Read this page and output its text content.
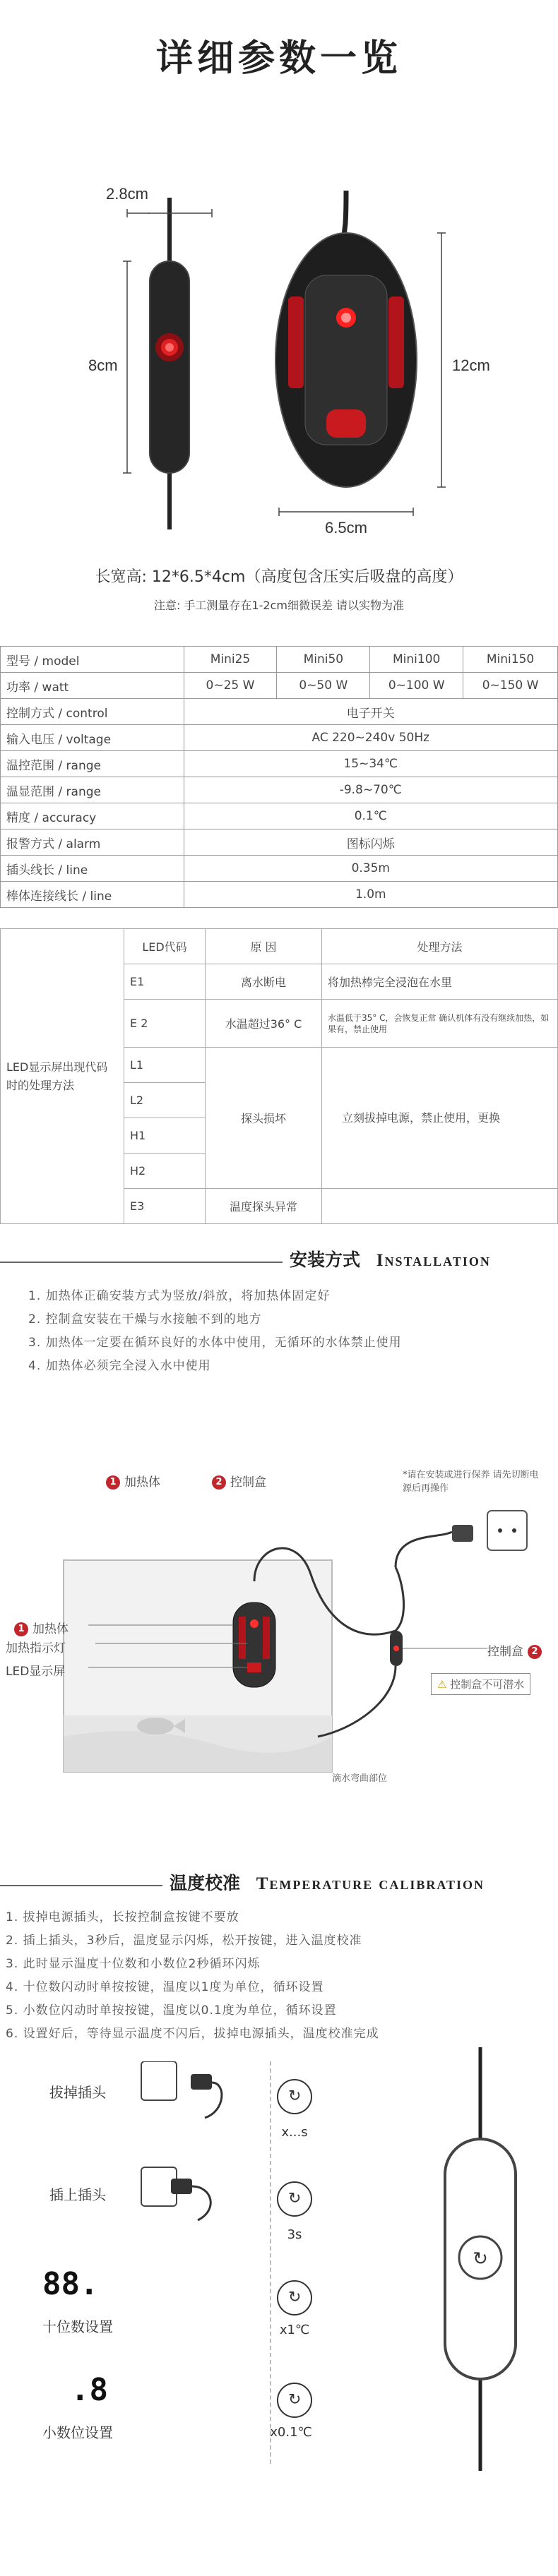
详细参数一览
2.8cm
8cm	12cm
6.5cm
长宽高: 12*6.5*4cm（高度包含压实后吸盘的高度）
注意: 手工测量存在1-2cm细微误差 请以实物为准
型号 / model	Mini25	Mini50	Mini100	Mini150
功率 / watt	0~25 W	0~50 W	0~100 W	0~150 W
控制方式 / control	电子开关			
输入电压 / voltage	AC 220~240v 50Hz			
温控范围 / range	15~34℃			
温显范围 / range	-9.8~70℃			
精度 / accuracy	0.1℃			
报警方式 / alarm	图标闪烁			
插头线长 / line	0.35m			
棒体连接线长 / line	1.0m			
LED显示屏出现代码时的处理方法	LED代码	原 因	处理方法
	E1	离水断电	将加热棒完全浸泡在水里
	E 2	水温超过36° C	水温低于35° C，会恢复正常 确认机体有没有继续加热，如果有，禁止使用
	L1	探头损坏	立刻拔掉电源，禁止使用，更换
	L2		
	H1		
	H2		
	E3	温度探头异常	
安装方式 Installation
1. 加热体正确安装方式为竖放/斜放，将加热体固定好
2. 控制盒安装在干燥与水接触不到的地方
3. 加热体一定要在循环良好的水体中使用，无循环的水体禁止使用
4. 加热体必须完全浸入水中使用
1 加热体	2 控制盒
*请在安装或进行保养 请先切断电源后再操作
1 加热体
加热指示灯
LED显示屏
控制盒 2
⚠ 控制盒不可潜水
滴水弯曲部位
温度校准 Temperature calibration
1. 拔掉电源插头，长按控制盒按键不要放
2. 插上插头，3秒后，温度显示闪烁，松开按键，进入温度校准
3. 此时显示温度十位数和小数位2秒循环闪烁
4. 十位数闪动时单按按键，温度以1度为单位，循环设置
5. 小数位闪动时单按按键，温度以0.1度为单位，循环设置
6. 设置好后，等待显示温度不闪后，拔掉电源插头，温度校准完成
拔掉插头
插上插头
88.
十位数设置
.8
小数位设置
↻
x...s
↻
3s
↻
x1℃
↻
x0.1℃
↻
